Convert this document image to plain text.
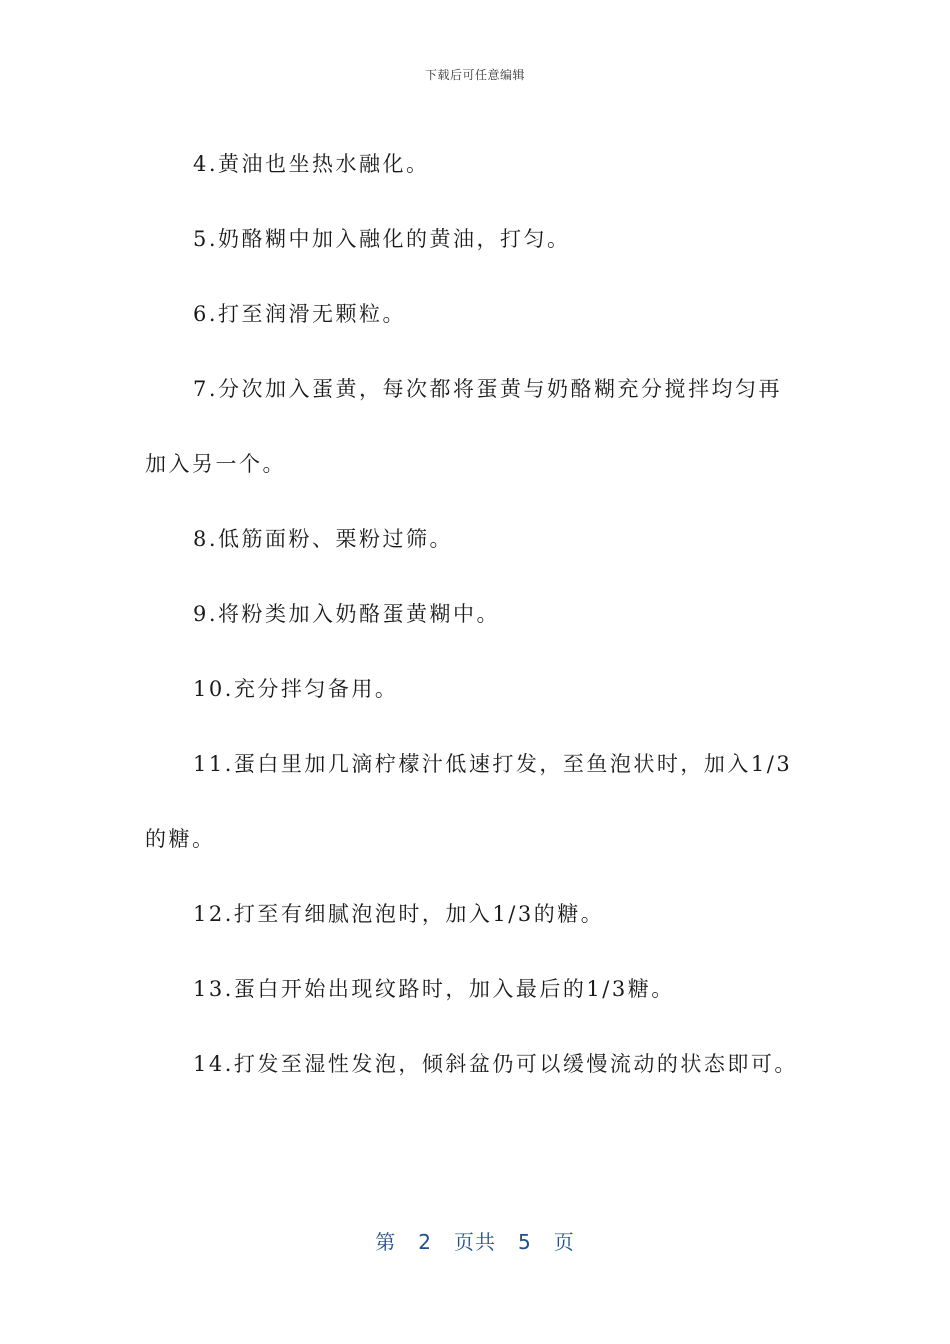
下载后可任意编辑

4.黄油也坐热水融化。

5.奶酪糊中加入融化的黄油，打匀。

6.打至润滑无颗粒。

7.分次加入蛋黄，每次都将蛋黄与奶酪糊充分搅拌均匀再

加入另一个。

8.低筋面粉、栗粉过筛。

9.将粉类加入奶酪蛋黄糊中。

10.充分拌匀备用。

11.蛋白里加几滴柠檬汁低速打发，至鱼泡状时，加入1/3

的糖。

12.打至有细腻泡泡时，加入1/3的糖。

13.蛋白开始出现纹路时，加入最后的1/3糖。

14.打发至湿性发泡，倾斜盆仍可以缓慢流动的状态即可。

第 2 页共 5 页
